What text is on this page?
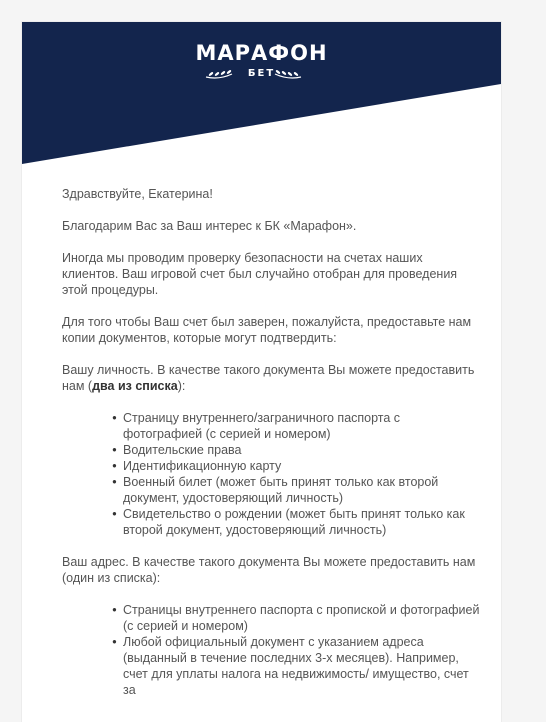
МАРАФОН
БЕТ

Здравствуйте, Екатерина!

Благодарим Вас за Ваш интерес к БК «Марафон».

Иногда мы проводим проверку безопасности на счетах наших клиентов. Ваш игровой счет был случайно отобран для проведения этой процедуры.

Для того чтобы Ваш счет был заверен, пожалуйста, предоставьте нам копии документов, которые могут подтвердить:

Вашу личность. В качестве такого документа Вы можете предоставить нам (два из списка):

• Страницу внутреннего/заграничного паспорта с фотографией (с серией и номером)
• Водительские права
• Идентификационную карту
• Военный билет (может быть принят только как второй документ, удостоверяющий личность)
• Свидетельство о рождении (может быть принят только как второй документ, удостоверяющий личность)

Ваш адрес. В качестве такого документа Вы можете предоставить нам (один из списка):

• Страницы внутреннего паспорта с пропиской и фотографией (с серией и номером)
• Любой официальный документ с указанием адреса (выданный в течение последних 3-х месяцев). Например, счет для уплаты налога на недвижимость/ имущество, счет за
